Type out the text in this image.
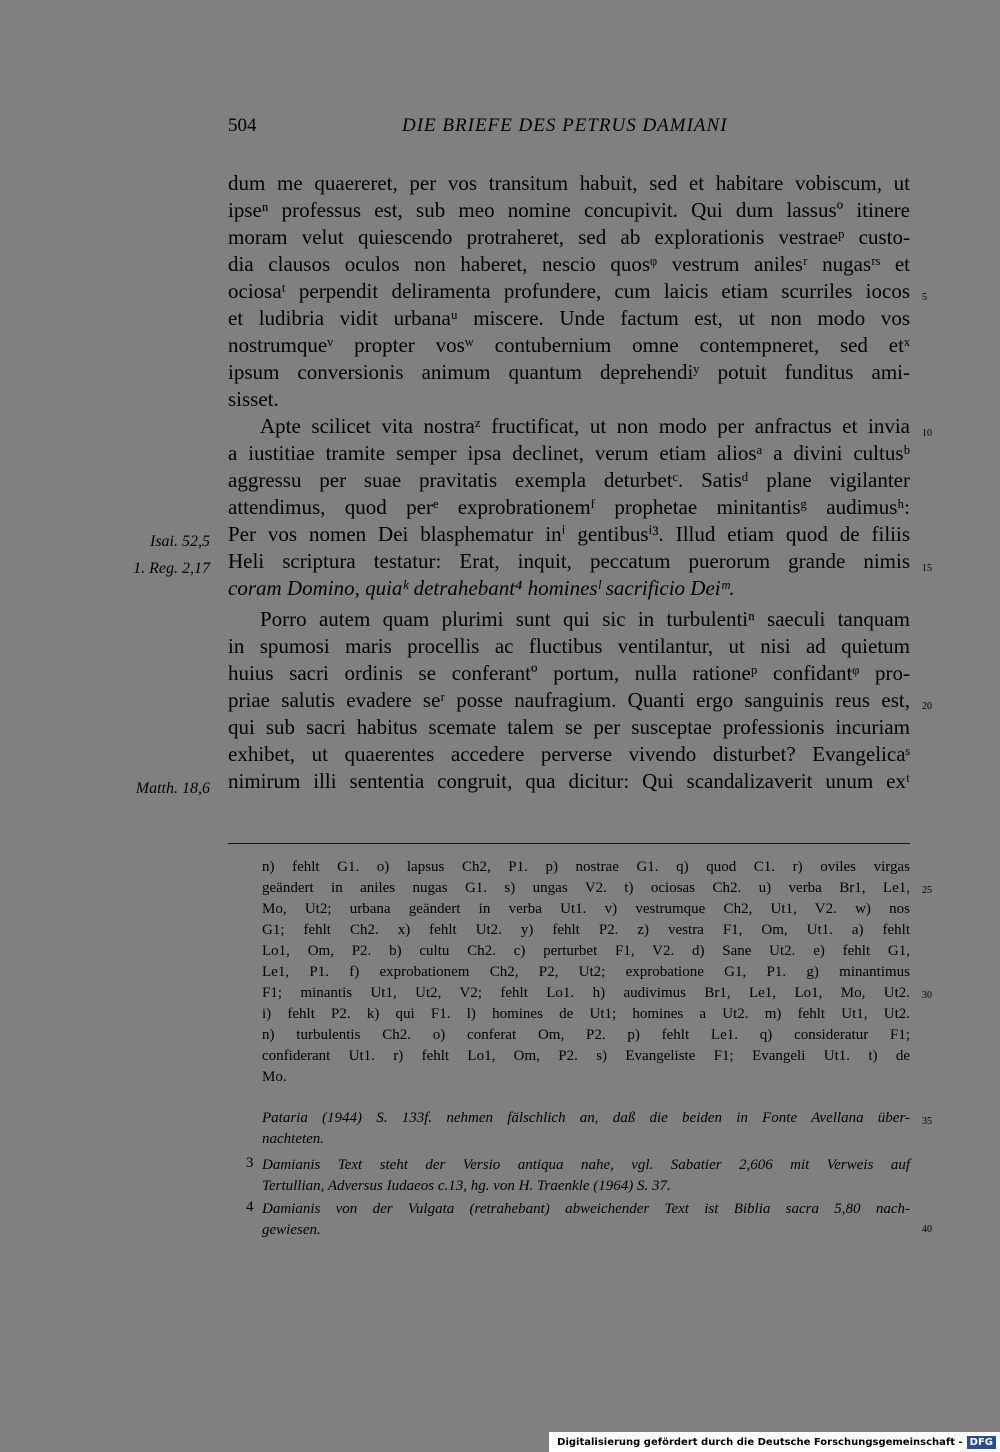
504	DIE BRIEFE DES PETRUS DAMIANI
dum me quaereret, per vos transitum habuit, sed et habitare vobiscum, ut
ipseⁿ professus est, sub meo nomine concupivit. Qui dum lassusº itinere
moram velut quiescendo protraheret, sed ab explorationis vestraeᵖ custo-
dia clausos oculos non haberet, nescio quosᵠ vestrum anilesʳ nugasʳˢ et
ociosaᵗ perpendit deliramenta profundere, cum laicis etiam scurriles iocos
et ludibria vidit urbanaᵘ miscere. Unde factum est, ut non modo vos
nostrumqueᵛ propter vosʷ contubernium omne contempneret, sed etˣ
ipsum conversionis animum quantum deprehendiʸ potuit funditus ami-
sisset.
Apte scilicet vita nostraᶻ fructificat, ut non modo per anfractus et invia
a iustitiae tramite semper ipsa declinet, verum etiam aliosᵃ a divini cultusᵇ
aggressu per suae pravitatis exempla deturbetᶜ. Satisᵈ plane vigilanter
attendimus, quod perᵉ exprobrationemᶠ prophetae minitantisᵍ audimusʰ:
Per vos nomen Dei blasphematur inⁱ gentibusⁱ³. Illud etiam quod de filiis
Heli scriptura testatur: Erat, inquit, peccatum puerorum grande nimis
coram Domino, quiaᵏ detrahebant⁴ hominesˡ sacrificio Deiᵐ.
Porro autem quam plurimi sunt qui sic in turbulentiⁿ saeculi tanquam
in spumosi maris procellis ac fluctibus ventilantur, ut nisi ad quietum
huius sacri ordinis se conferantº portum, nulla rationeᵖ confidantᵠ pro-
priae salutis evadere seʳ posse naufragium. Quanti ergo sanguinis reus est,
qui sub sacri habitus scemate talem se per susceptae professionis incuriam
exhibet, ut quaerentes accedere perverse vivendo disturbet? Evangelicaˢ
nimirum illi sententia congruit, qua dicitur: Qui scandalizaverit unum exᵗ
5
10
15
20
Isai. 52,5
1. Reg. 2,17
Matth. 18,6
n) fehlt G1. o) lapsus Ch2, P1. p) nostrae G1. q) quod C1. r) oviles virgas
geändert in aniles nugas G1. s) ungas V2. t) ociosas Ch2. u) verba Br1, Le1,
Mo, Ut2; urbana geändert in verba Ut1. v) vestrumque Ch2, Ut1, V2. w) nos
G1; fehlt Ch2. x) fehlt Ut2. y) fehlt P2. z) vestra F1, Om, Ut1. a) fehlt
Lo1, Om, P2. b) cultu Ch2. c) perturbet F1, V2. d) Sane Ut2. e) fehlt G1,
Le1, P1. f) exprobationem Ch2, P2, Ut2; exprobatione G1, P1. g) minantimus
F1; minantis Ut1, Ut2, V2; fehlt Lo1. h) audivimus Br1, Le1, Lo1, Mo, Ut2.
i) fehlt P2. k) qui F1. l) homines de Ut1; homines a Ut2. m) fehlt Ut1, Ut2.
n) turbulentis Ch2. o) conferat Om, P2. p) fehlt Le1. q) consideratur F1;
confiderant Ut1. r) fehlt Lo1, Om, P2. s) Evangeliste F1; Evangeli Ut1. t) de
Mo.
25
30
Pataria (1944) S. 133f. nehmen fälschlich an, daß die beiden in Fonte Avellana über-
nachteten.
3 Damianis Text steht der Versio antiqua nahe, vgl. Sabatier 2,606 mit Verweis auf
Tertullian, Adversus Iudaeos c.13, hg. von H. Traenkle (1964) S. 37.
4 Damianis von der Vulgata (retrahebant) abweichender Text ist Biblia sacra 5,80 nach-
gewiesen.
35
40
Digitalisierung gefördert durch die Deutsche Forschungsgemeinschaft - DFG
